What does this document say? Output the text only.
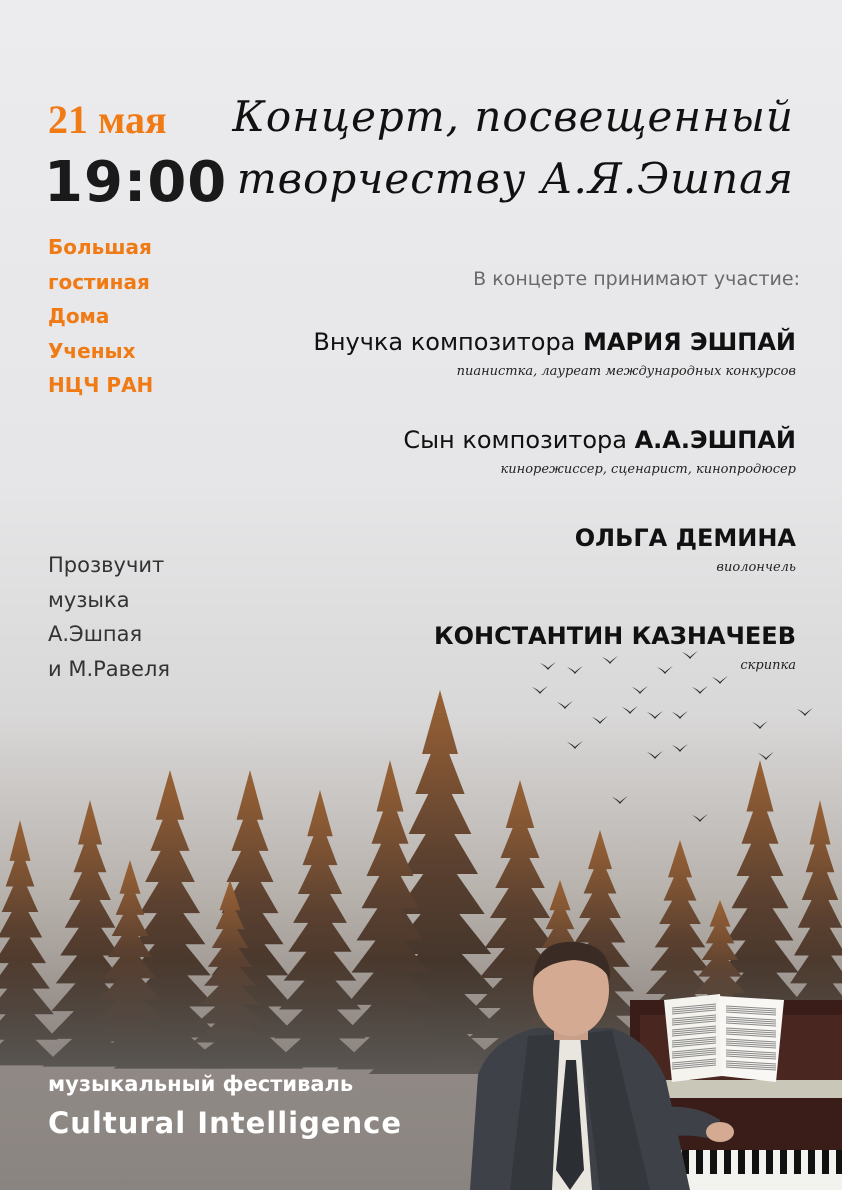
21 мая
19:00
Большая
гостиная
Дома
Ученых
НЦЧ РАН
Концерт, посвещенный
творчеству А.Я.Эшпая
В концерте принимают участие:
Внучка композитора МАРИЯ ЭШПАЙ
пианистка, лауреат международных конкурсов
Сын композитора А.А.ЭШПАЙ
кинорежиссер, сценарист, кинопродюсер
ОЛЬГА ДЕМИНА
виолончель
КОНСТАНТИН КАЗНАЧЕЕВ
скрипка
Прозвучит
музыка
А.Эшпая
и М.Равеля
музыкальный фестиваль
Cultural Intelligence
